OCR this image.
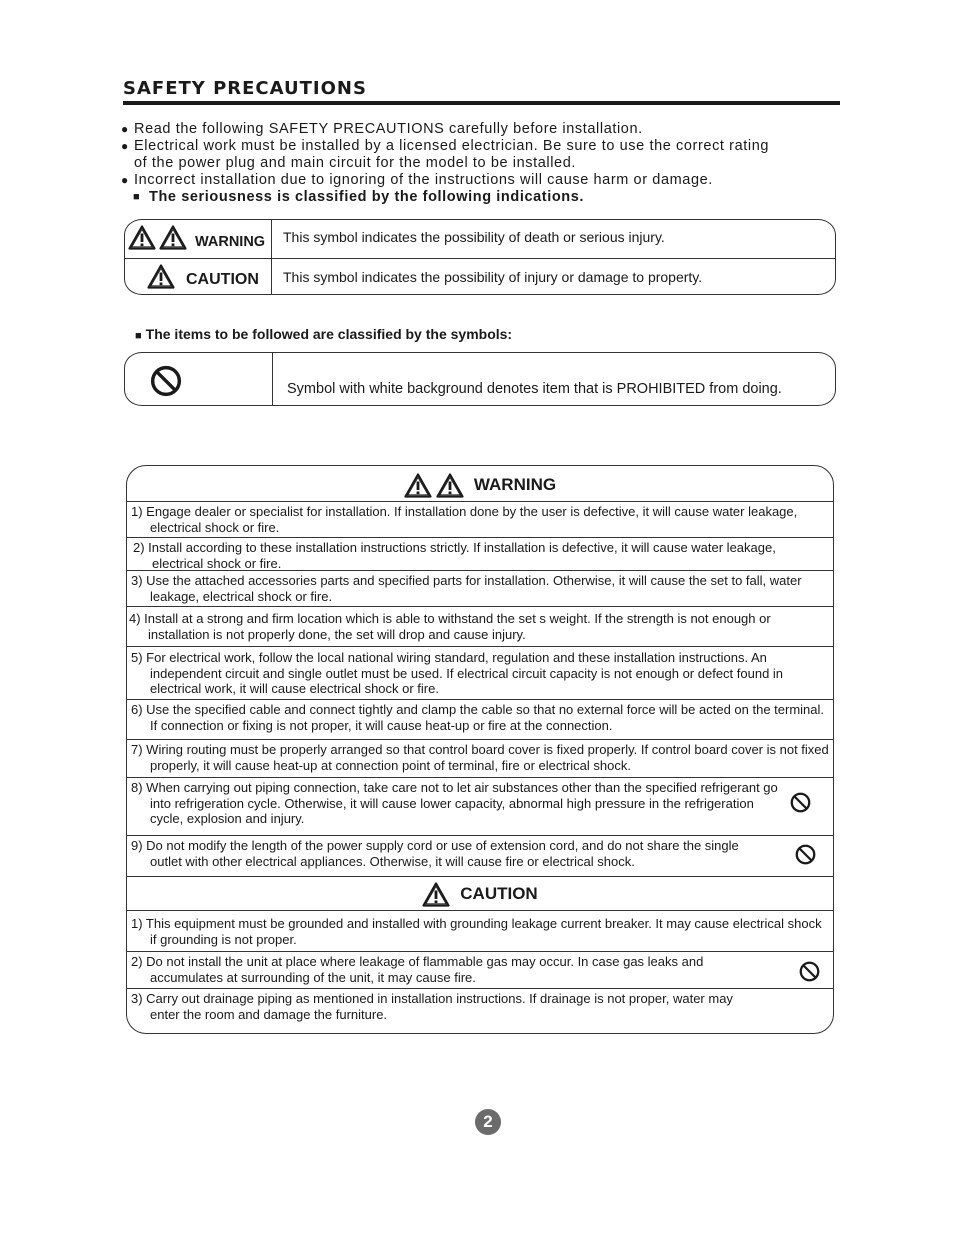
SAFETY PRECAUTIONS
● Read the following SAFETY PRECAUTIONS carefully before installation.
● Electrical work must be installed by a licensed electrician. Be sure to use the correct rating
of the power plug and main circuit for the model to be installed.
● Incorrect installation due to ignoring of the instructions will cause harm or damage.
■ The seriousness is classified by the following indications.
WARNING This symbol indicates the possibility of death or serious injury.
CAUTION This symbol indicates the possibility of injury or damage to property.
■ The items to be followed are classified by the symbols:
Symbol with white background denotes item that is PROHIBITED from doing.
WARNING
1) Engage dealer or specialist for installation. If installation done by the user is defective, it will cause water leakage, electrical shock or fire.
2) Install according to these installation instructions strictly. If installation is defective, it will cause water leakage, electrical shock or fire.
3) Use the attached accessories parts and specified parts for installation. Otherwise, it will cause the set to fall, water leakage, electrical shock or fire.
4) Install at a strong and firm location which is able to withstand the set s weight. If the strength is not enough or installation is not properly done, the set will drop and cause injury.
5) For electrical work, follow the local national wiring standard, regulation and these installation instructions. An independent circuit and single outlet must be used. If electrical circuit capacity is not enough or defect found in electrical work, it will cause electrical shock or fire.
6) Use the specified cable and connect tightly and clamp the cable so that no external force will be acted on the terminal. If connection or fixing is not proper, it will cause heat-up or fire at the connection.
7) Wiring routing must be properly arranged so that control board cover is fixed properly. If control board cover is not fixed properly, it will cause heat-up at connection point of terminal, fire or electrical shock.
8) When carrying out piping connection, take care not to let air substances other than the specified refrigerant go into refrigeration cycle. Otherwise, it will cause lower capacity, abnormal high pressure in the refrigeration cycle, explosion and injury.
9) Do not modify the length of the power supply cord or use of extension cord, and do not share the single outlet with other electrical appliances. Otherwise, it will cause fire or electrical shock.
CAUTION
1) This equipment must be grounded and installed with grounding leakage current breaker. It may cause electrical shock if grounding is not proper.
2) Do not install the unit at place where leakage of flammable gas may occur. In case gas leaks and accumulates at surrounding of the unit, it may cause fire.
3) Carry out drainage piping as mentioned in installation instructions. If drainage is not proper, water may enter the room and damage the furniture.
2
